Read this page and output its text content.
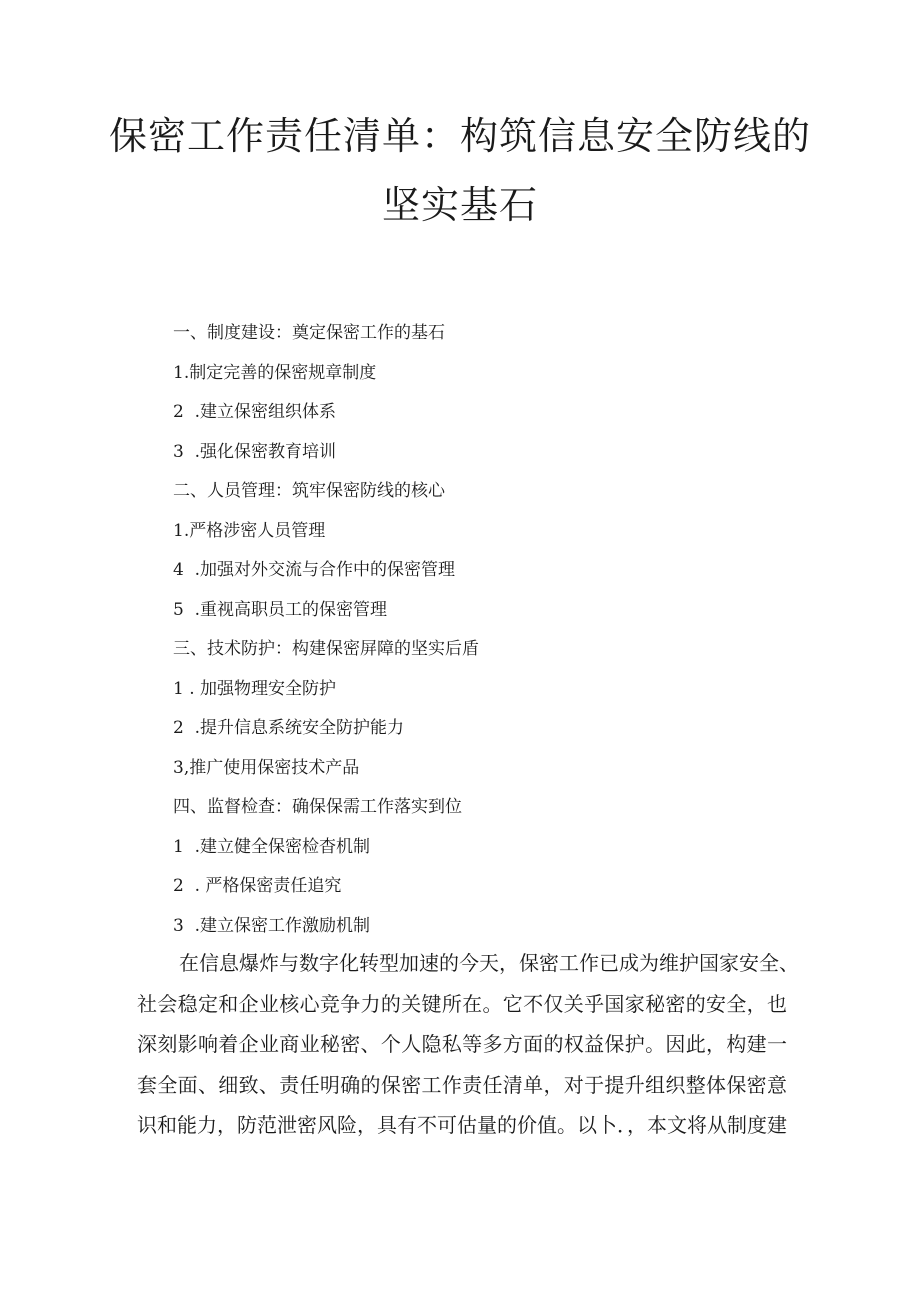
保密工作责任清单：构筑信息安全防线的
坚实基石
一、制度建设：奠定保密工作的基石
1.制定完善的保密规章制度
2  .建立保密组织体系
3  .强化保密教育培训
二、人员管理：筑牢保密防线的核心
1.严格涉密人员管理
4  .加强对外交流与合作中的保密管理
5  .重视高职员工的保密管理
三、技术防护：构建保密屏障的坚实后盾
1 . 加强物理安全防护
2  .提升信息系统安全防护能力
3,推广使用保密技术产品
四、监督检查：确保保需工作落实到位
1  .建立健全保密检杳机制
2  . 严格保密责任追究
3  .建立保密工作激励机制

在信息爆炸与数字化转型加速的今天，保密工作已成为维护国家安全、
社会稳定和企业核心竞争力的关键所在。它不仅关乎国家秘密的安全，也
深刻影响着企业商业秘密、个人隐私等多方面的权益保护。因此，构建一
套全面、细致、责任明确的保密工作责任清单，对于提升组织整体保密意
识和能力，防范泄密风险，具有不可估量的价值。以卜．，本文将从制度建
